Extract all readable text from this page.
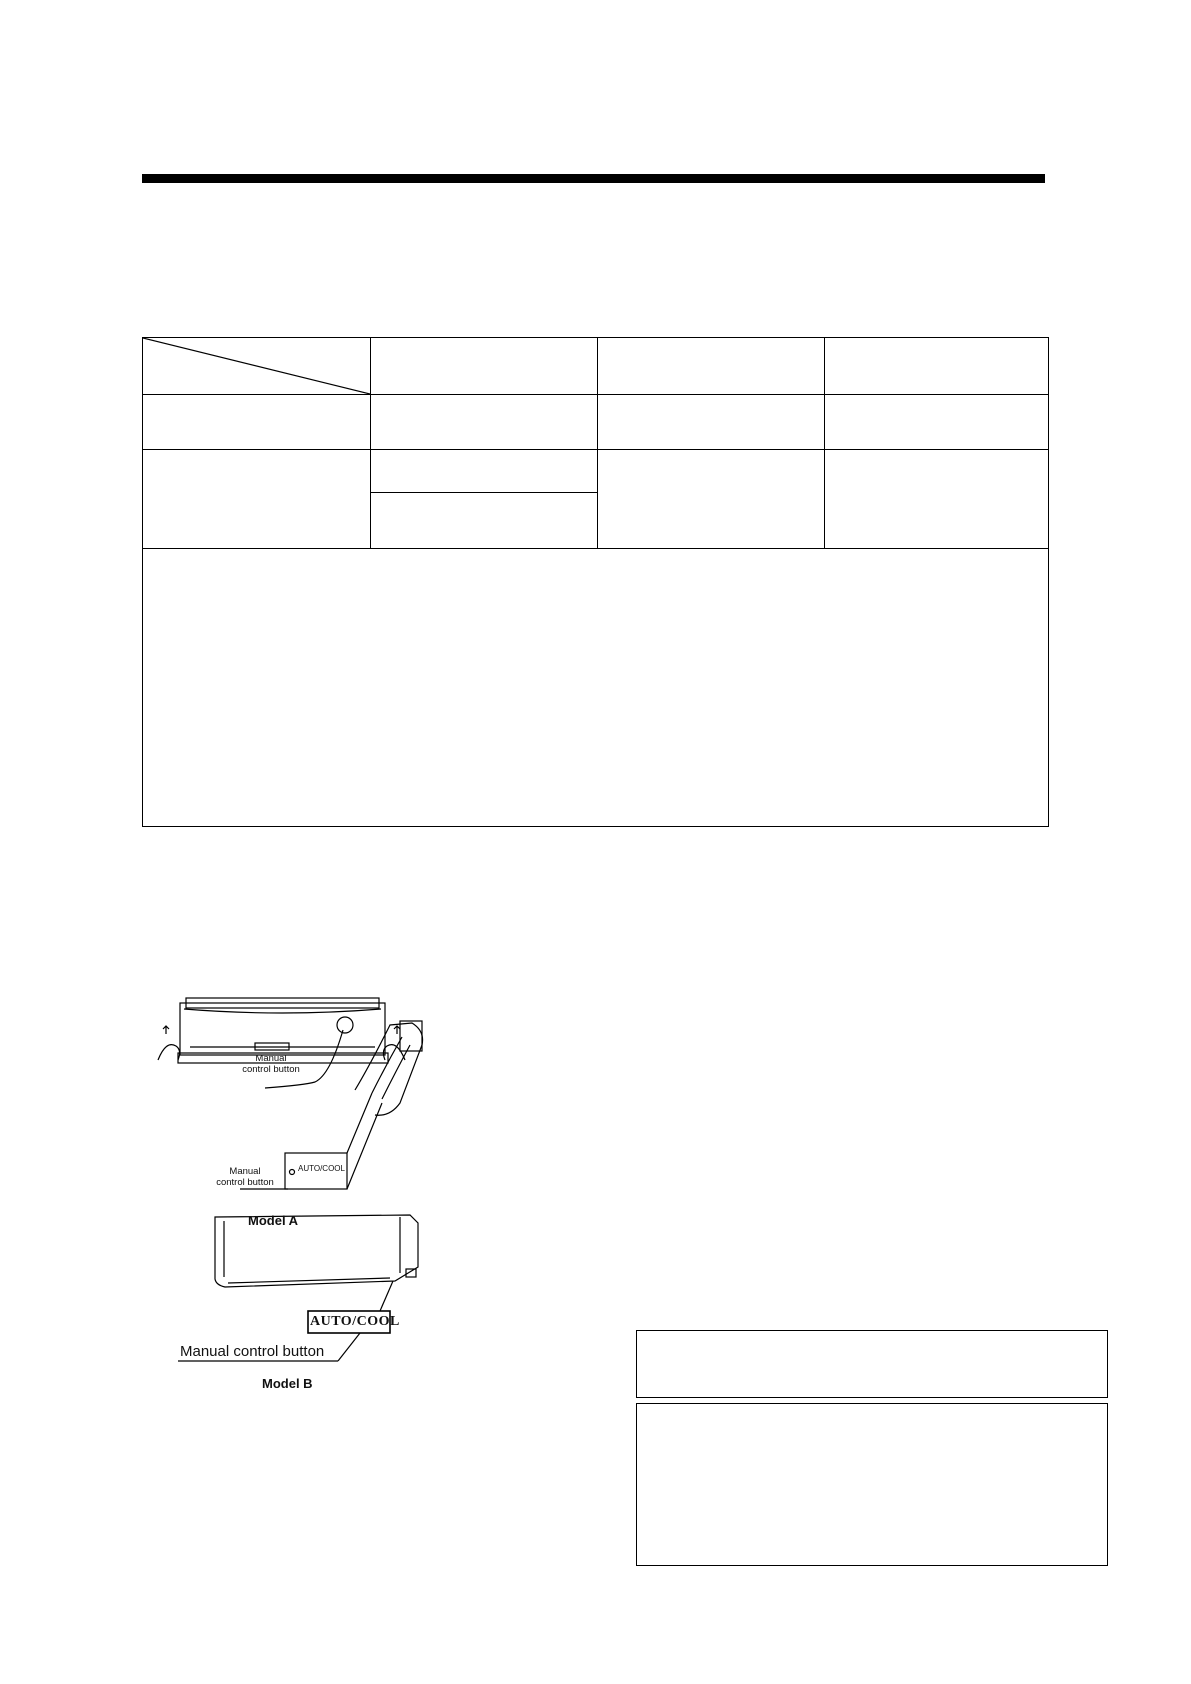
Manual
control button
Manual
control button
AUTO/COOL
Model A
AUTO/COOL
Manual control button
Model B
